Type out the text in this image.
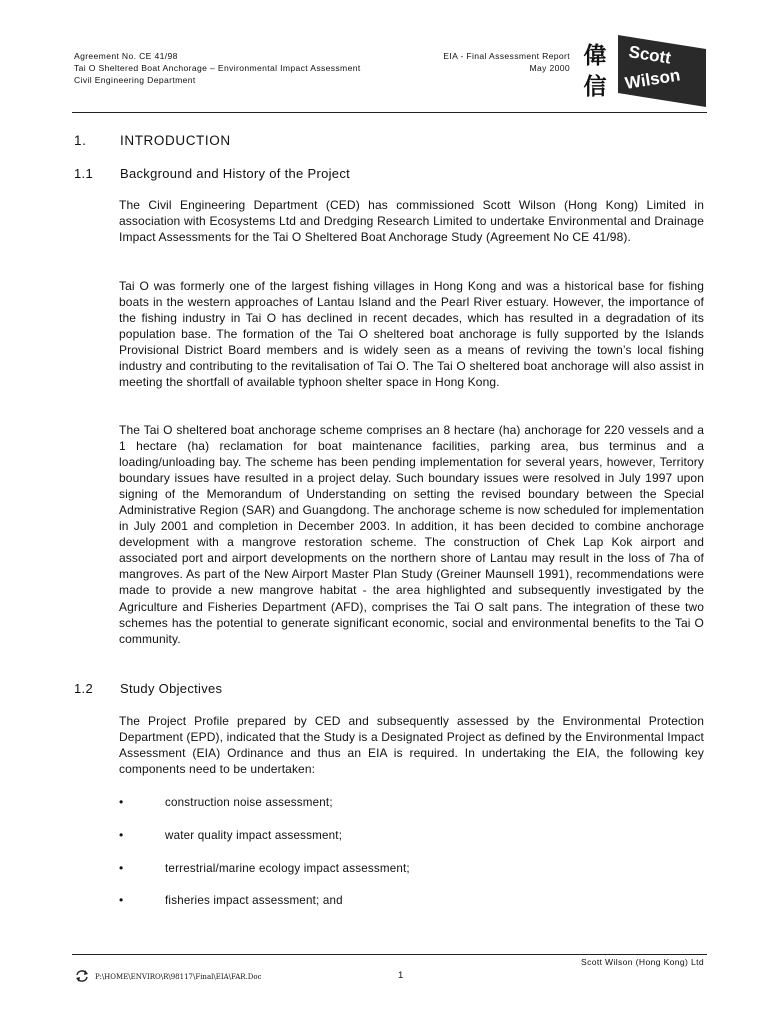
Agreement No. CE 41/98
Tai O Sheltered Boat Anchorage – Environmental Impact Assessment
Civil Engineering Department
EIA - Final Assessment Report
May 2000 偉
信
Scott
Wilson
1. INTRODUCTION
1.1 Background and History of the Project
The Civil Engineering Department (CED) has commissioned Scott Wilson (Hong Kong) Limited in association with Ecosystems Ltd and Dredging Research Limited to undertake Environmental and Drainage Impact Assessments for the Tai O Sheltered Boat Anchorage Study (Agreement No CE 41/98).
Tai O was formerly one of the largest fishing villages in Hong Kong and was a historical base for fishing boats in the western approaches of Lantau Island and the Pearl River estuary. However, the importance of the fishing industry in Tai O has declined in recent decades, which has resulted in a degradation of its population base. The formation of the Tai O sheltered boat anchorage is fully supported by the Islands Provisional District Board members and is widely seen as a means of reviving the town’s local fishing industry and contributing to the revitalisation of Tai O. The Tai O sheltered boat anchorage will also assist in meeting the shortfall of available typhoon shelter space in Hong Kong.
The Tai O sheltered boat anchorage scheme comprises an 8 hectare (ha) anchorage for 220 vessels and a 1 hectare (ha) reclamation for boat maintenance facilities, parking area, bus terminus and a loading/unloading bay. The scheme has been pending implementation for several years, however, Territory boundary issues have resulted in a project delay. Such boundary issues were resolved in July 1997 upon signing of the Memorandum of Understanding on setting the revised boundary between the Special Administrative Region (SAR) and Guangdong. The anchorage scheme is now scheduled for implementation in July 2001 and completion in December 2003. In addition, it has been decided to combine anchorage development with a mangrove restoration scheme. The construction of Chek Lap Kok airport and associated port and airport developments on the northern shore of Lantau may result in the loss of 7ha of mangroves. As part of the New Airport Master Plan Study (Greiner Maunsell 1991), recommendations were made to provide a new mangrove habitat - the area highlighted and subsequently investigated by the Agriculture and Fisheries Department (AFD), comprises the Tai O salt pans. The integration of these two schemes has the potential to generate significant economic, social and environmental benefits to the Tai O community.
1.2 Study Objectives
The Project Profile prepared by CED and subsequently assessed by the Environmental Protection Department (EPD), indicated that the Study is a Designated Project as defined by the Environmental Impact Assessment (EIA) Ordinance and thus an EIA is required. In undertaking the EIA, the following key components need to be undertaken:
•	construction noise assessment;
•	water quality impact assessment;
•	terrestrial/marine ecology impact assessment;
•	fisheries impact assessment; and
Scott Wilson (Hong Kong) Ltd
P:\HOME\ENVIRO\R\98117\Final\EIA\FAR.Doc	1
